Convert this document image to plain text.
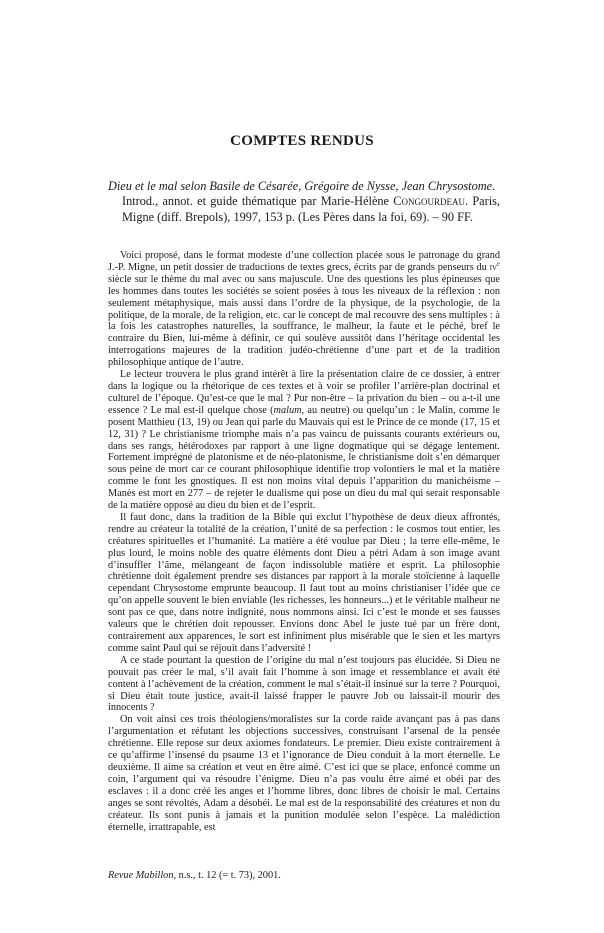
COMPTES RENDUS
Dieu et le mal selon Basile de Césarée, Grégoire de Nysse, Jean Chrysostome.
Introd., annot. et guide thématique par Marie-Hélène Congourdeau. Paris, Migne (diff. Brepols), 1997, 153 p. (Les Pères dans la foi, 69). – 90 FF.

Voici proposé, dans le format modeste d’une collection placée sous le patronage du grand J.-P. Migne, un petit dossier de traductions de textes grecs, écrits par de grands penseurs du $iv^e$ siècle sur le thème du mal avec ou sans majuscule. Une des questions les plus épineuses que les hommes dans toutes les sociétés se soient posées à tous les niveaux de la réflexion : non seulement métaphysique, mais aussi dans l’ordre de la physique, de la psychologie, de la politique, de la morale, de la religion, etc. car le concept de mal recouvre des sens multiples : à la fois les catastrophes naturelles, la souffrance, le malheur, la faute et le péché, bref le contraire du Bien, lui-même à définir, ce qui soulève aussitôt dans l’héritage occidental les interrogations majeures de la tradition judéo-chrétienne d’une part et de la tradition philosophique antique de l’autre.

Le lecteur trouvera le plus grand intérêt à lire la présentation claire de ce dossier, à entrer dans la logique ou la rhétorique de ces textes et à voir se profiler l’arrière-plan doctrinal et culturel de l’époque. Qu’est-ce que le mal ? Pur non-être – la privation du bien – ou a-t-il une essence ? Le mal est-il quelque chose (malum, au neutre) ou quelqu’un : le Malin, comme le posent Matthieu (13, 19) ou Jean qui parle du Mauvais qui est le Prince de ce monde (17, 15 et 12, 31) ? Le christianisme triomphe mais n’a pas vaincu de puissants courants extérieurs ou, dans ses rangs, hétérodoxes par rapport à une ligne dogmatique qui se dégage lentement. Fortement imprégné de platonisme et de néo-platonisme, le christianisme doit s’en démarquer sous peine de mort car ce courant philosophique identifie trop volontiers le mal et la matière comme le font les gnostiques. Il est non moins vital depuis l’apparition du manichéisme – Manès est mort en 277 – de rejeter le dualisme qui pose un dieu du mal qui serait responsable de la matière opposé au dieu du bien et de l’esprit.

Il faut donc, dans la tradition de la Bible qui exclut l’hypothèse de deux dieux affrontés, rendre au créateur la totalité de la création, l’unité de sa perfection : le cosmos tout entier, les créatures spirituelles et l’humanité. La matière a été voulue par Dieu ; la terre elle-même, le plus lourd, le moins noble des quatre éléments dont Dieu a pétri Adam à son image avant d’insuffler l’âme, mélangeant de façon indissoluble matière et esprit. La philosophie chrétienne doit également prendre ses distances par rapport à la morale stoïcienne à laquelle cependant Chrysostome emprunte beaucoup. Il faut tout au moins christianiser l’idée que ce qu’on appelle souvent le bien enviable (les richesses, les honneurs...) et le véritable malheur ne sont pas ce que, dans notre indignité, nous nommons ainsi. Ici c’est le monde et ses fausses valeurs que le chrétien doit repousser. Envions donc Abel le juste tué par un frère dont, contrairement aux apparences, le sort est infiniment plus misérable que le sien et les martyrs comme saint Paul qui se réjouit dans l’adversité !

A ce stade pourtant la question de l’origine du mal n’est toujours pas élucidée. Si Dieu ne pouvait pas créer le mal, s’il avait fait l’homme à son image et ressemblance et avait été content à l’achèvement de la création, comment le mal s’était-il insinué sur la terre ? Pourquoi, si Dieu était toute justice, avait-il laissé frapper le pauvre Job ou laissait-il mourir des innocents ?

On voit ainsi ces trois théologiens/moralistes sur la corde raide avançant pas à pas dans l’argumentation et réfutant les objections successives, construisant l’arsenal de la pensée chrétienne. Elle repose sur deux axiomes fondateurs. Le premier. Dieu existe contrairement à ce qu’affirme l’insensé du psaume 13 et l’ignorance de Dieu conduit à la mort éternelle. Le deuxième. Il aime sa création et veut en être aimé. C’est ici que se place, enfoncé comme un coin, l’argument qui va résoudre l’énigme. Dieu n’a pas voulu être aimé et obéi par des esclaves : il a donc créé les anges et l’homme libres, donc libres de choisir le mal. Certains anges se sont révoltés, Adam a désobéi. Le mal est de la responsabilité des créatures et non du créateur. Ils sont punis à jamais et la punition modulée selon l’espèce. La malédiction éternelle, irrattrapable, est

Revue Mabillon, n.s., t. 12 (= t. 73), 2001.
